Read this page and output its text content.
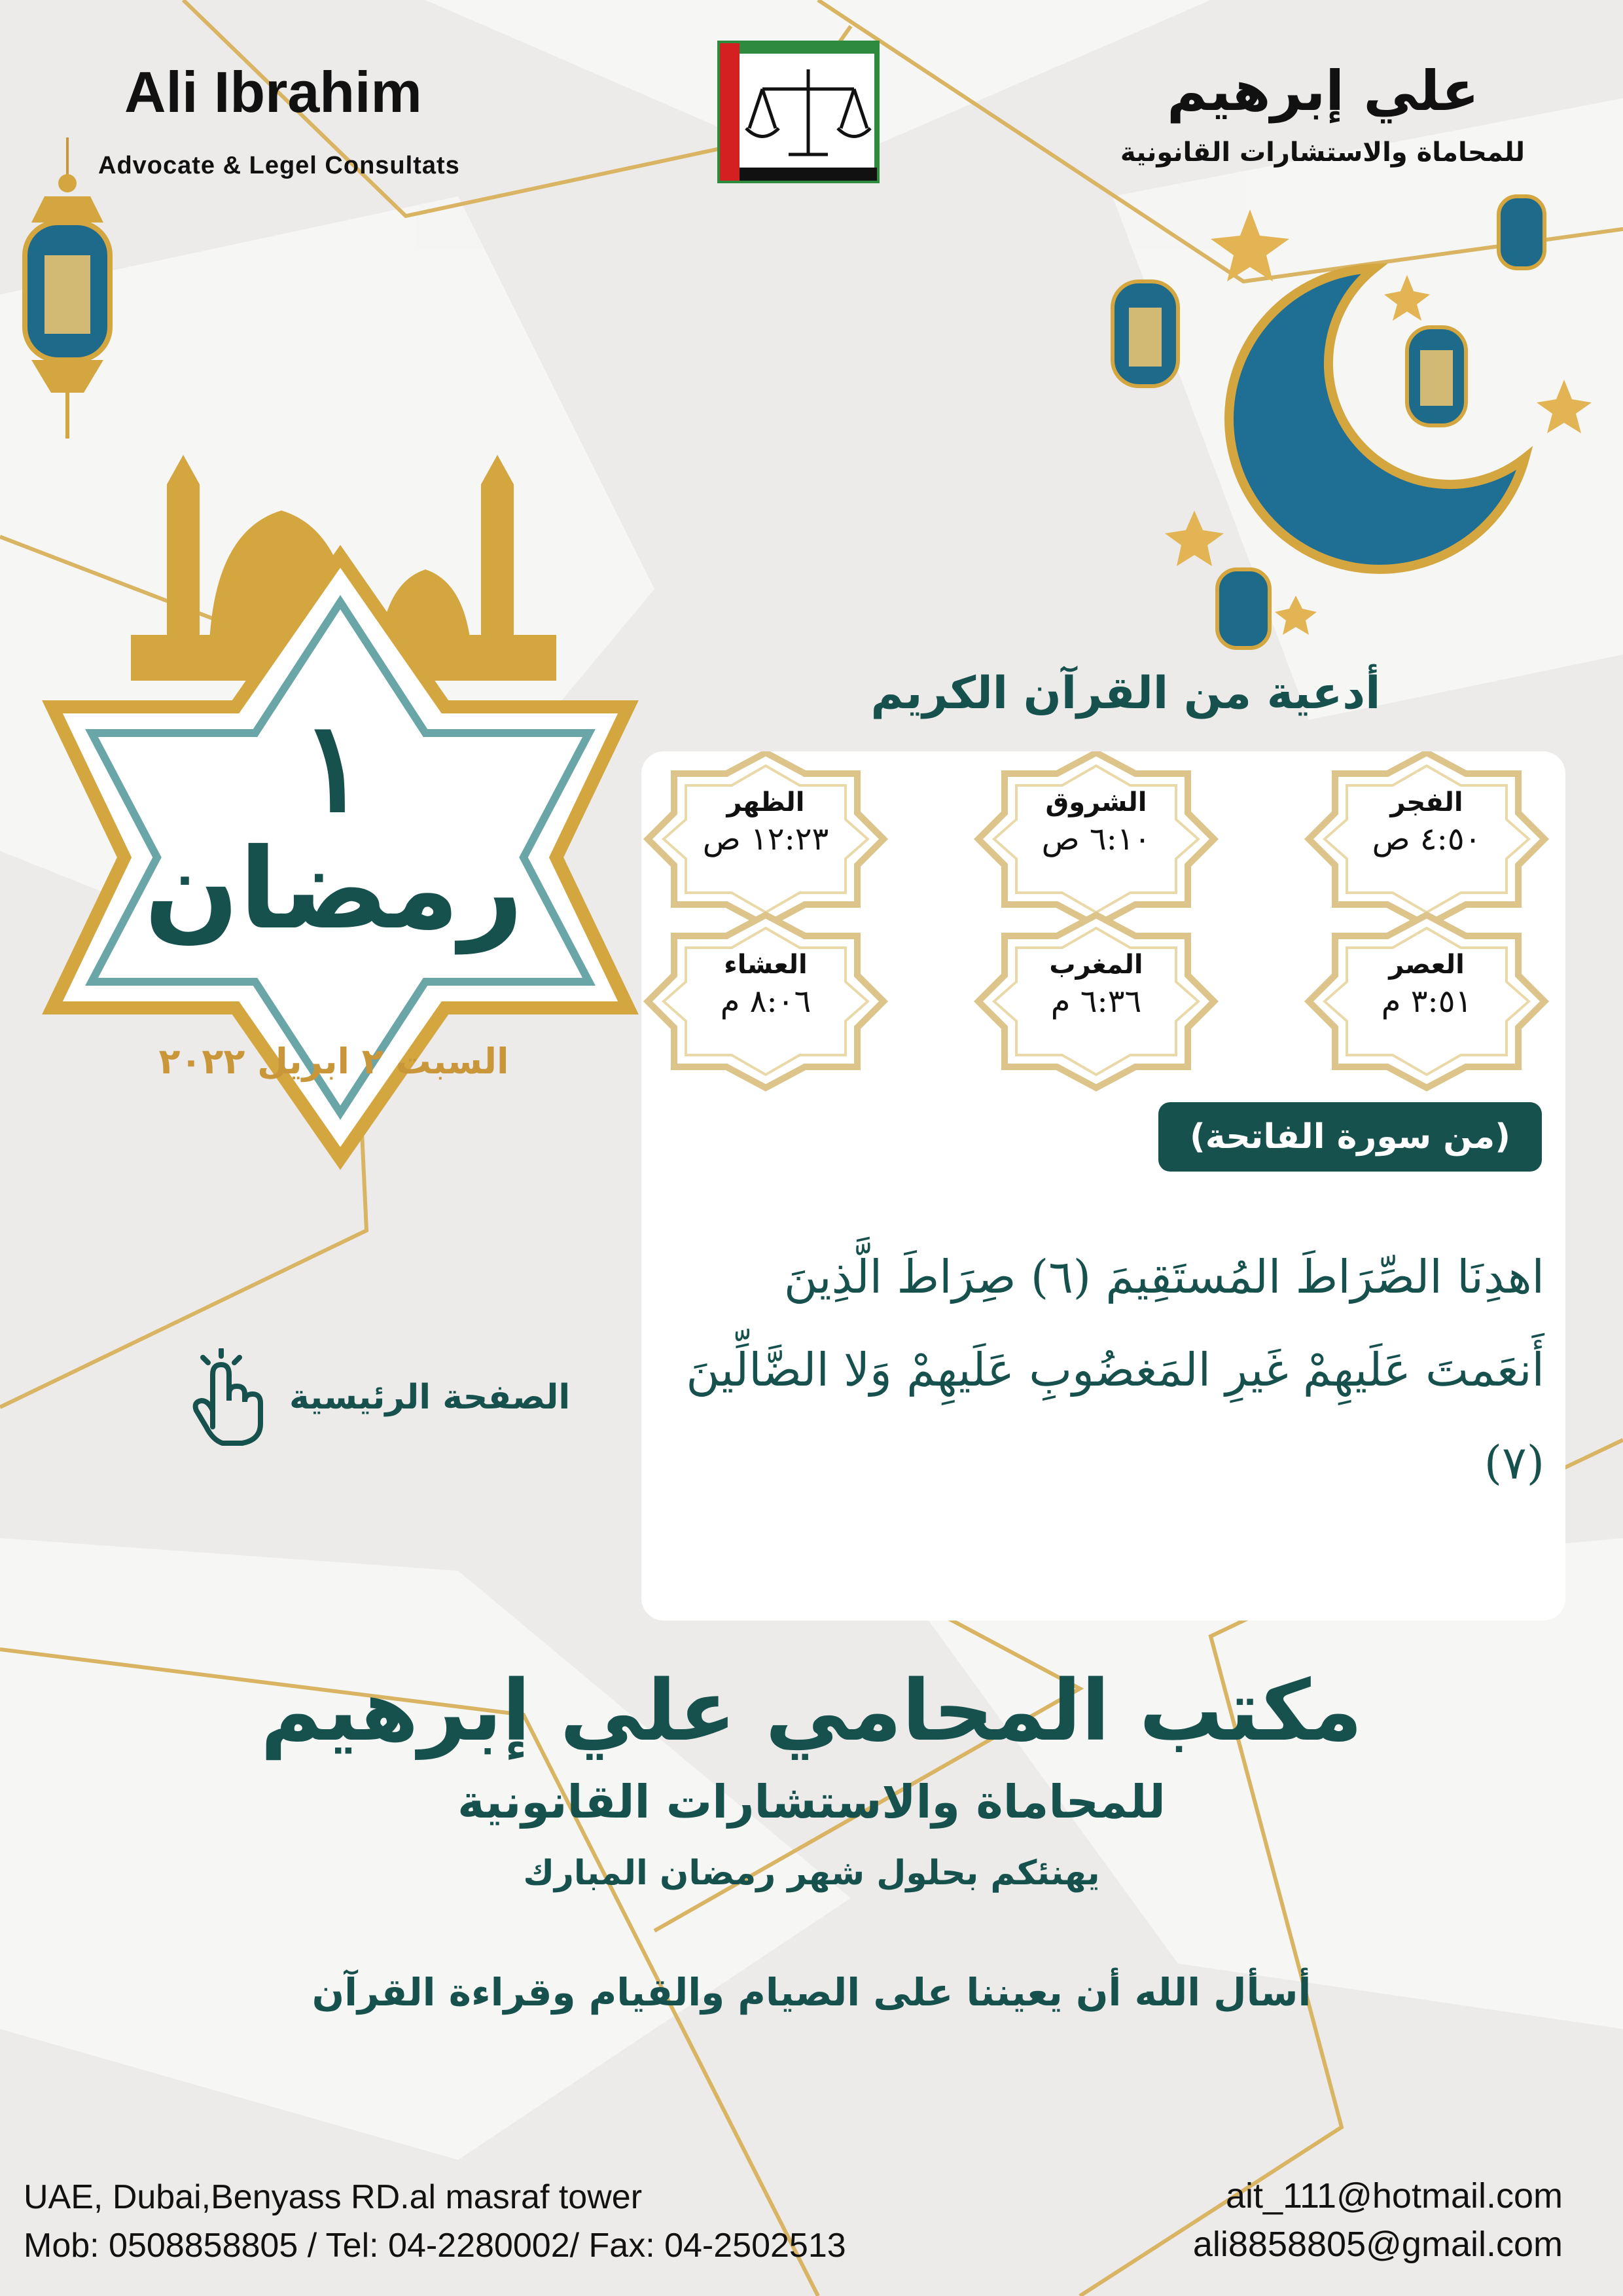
Ali Ibrahim
Advocate & Legel Consultats
علي إبرهيم
للمحاماة والاستشارات القانونية
١
رمضان
السبت ٢ ابريل ٢٠٢٢
الصفحة الرئيسية
أدعية من القرآن الكريم
الفجر
٤:٥٠ ص
الشروق
٦:١٠ ص
الظهر
١٢:٢٣ ص
العصر
٣:٥١ م
المغرب
٦:٣٦ م
العشاء
٨:٠٦ م
(من سورة الفاتحة)
اهدِنَا الصِّرَاطَ المُستَقِيمَ (٦) صِرَاطَ الَّذِينَ أَنعَمتَ عَلَيهِمْ غَيرِ المَغضُوبِ عَلَيهِمْ وَلا الضَّالِّينَ (٧)
مكتب المحامي علي إبرهيم
للمحاماة والاستشارات القانونية
يهنئكم بحلول شهر رمضان المبارك
أسأل الله أن يعيننا على الصيام والقيام وقراءة القرآن
UAE, Dubai,Benyass RD.al masraf tower
Mob: 0508858805 / Tel: 04-2280002/ Fax: 04-2502513
ait_111@hotmail.com
ali8858805@gmail.com
